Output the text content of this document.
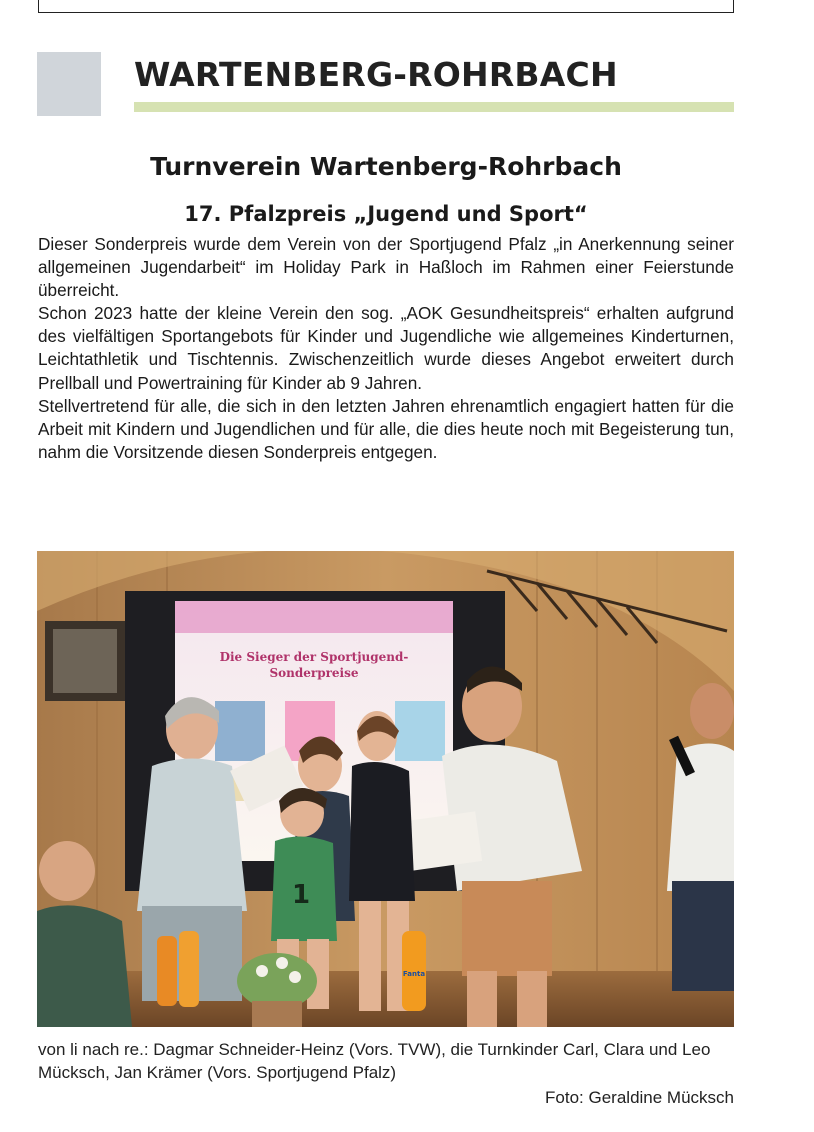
WARTENBERG-ROHRBACH
Turnverein Wartenberg-Rohrbach
17. Pfalzpreis „Jugend und Sport“

Dieser Sonderpreis wurde dem Verein von der Sportjugend Pfalz „in Anerkennung seiner allgemeinen Jugendarbeit“ im Holiday Park in Haßloch im Rahmen einer Feierstunde überreicht.

Schon 2023 hatte der kleine Verein den sog. „AOK Gesundheitspreis“ erhalten aufgrund des vielfältigen Sportangebots für Kinder und Jugendliche wie allgemeines Kinderturnen, Leichtathletik und Tischtennis. Zwischenzeitlich wurde dieses Angebot erweitert durch Prellball und Powertraining für Kinder ab 9 Jahren.

Stellvertretend für alle, die sich in den letzten Jahren ehrenamtlich engagiert hatten für die Arbeit mit Kindern und Jugendlichen und für alle, die dies heute noch mit Begeisterung tun, nahm die Vorsitzende diesen Sonderpreis entgegen.

Die Sieger der Sportjugend-
Sonderpreise
1
Fanta
von li nach re.: Dagmar Schneider-Heinz (Vors. TVW), die Turnkinder Carl, Clara und Leo Mücksch, Jan Krämer (Vors. Sportjugend Pfalz)
Foto: Geraldine Mücksch
